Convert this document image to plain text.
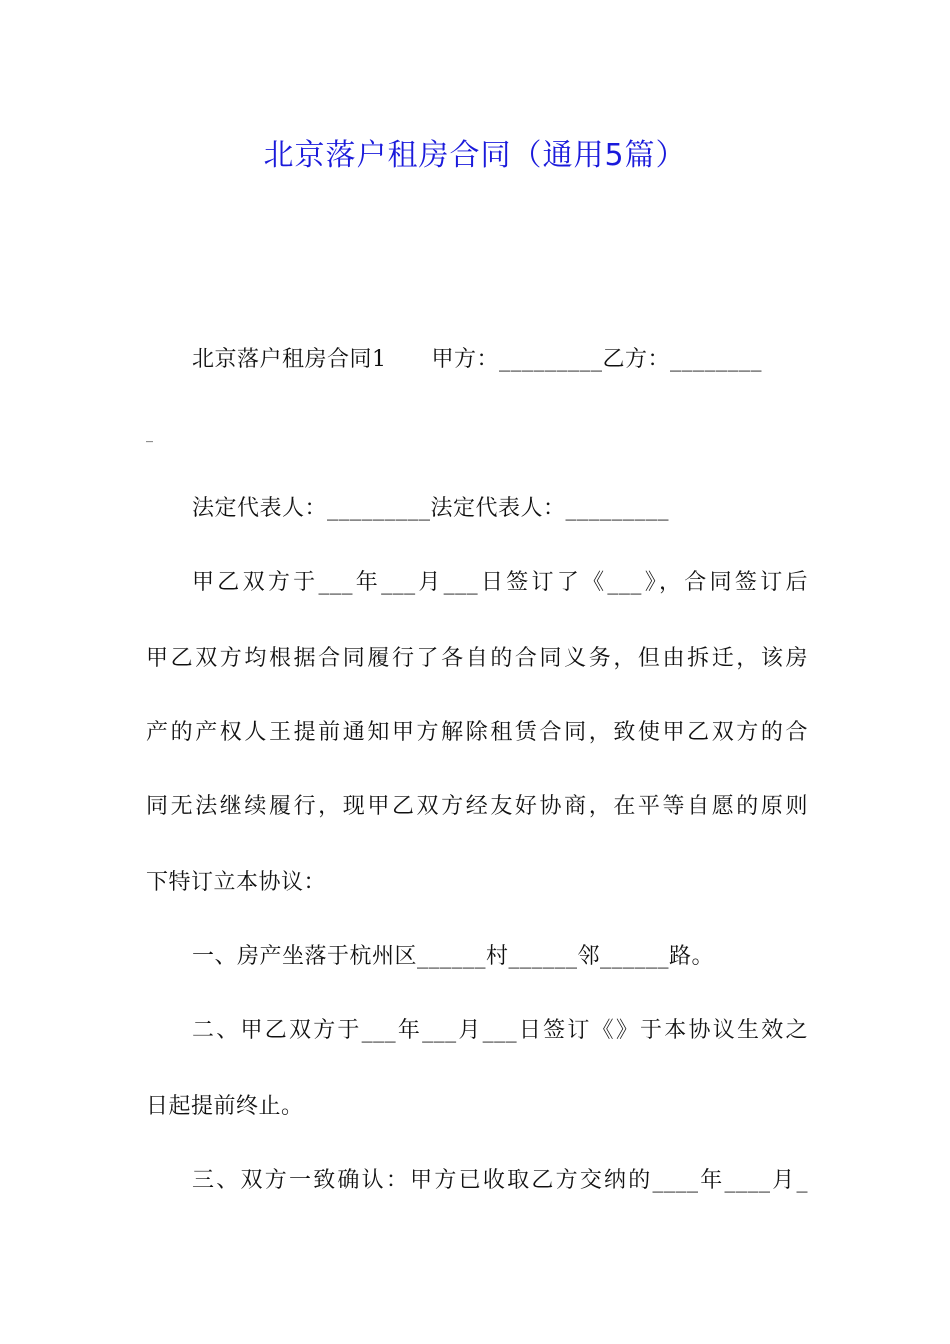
北京落户租房合同（通用5篇）
北京落户租房合同1　　甲方：_________乙方：________
_
法定代表人：_________法定代表人：_________
甲乙双方于___年___月___日签订了《___》，合同签订后
甲乙双方均根据合同履行了各自的合同义务，但由拆迁，该房
产的产权人王提前通知甲方解除租赁合同，致使甲乙双方的合
同无法继续履行，现甲乙双方经友好协商，在平等自愿的原则
下特订立本协议：
一、房产坐落于杭州区______村______邻______路。
二、甲乙双方于___年___月___日签订《》于本协议生效之
日起提前终止。
三、双方一致确认：甲方已收取乙方交纳的____年____月_
